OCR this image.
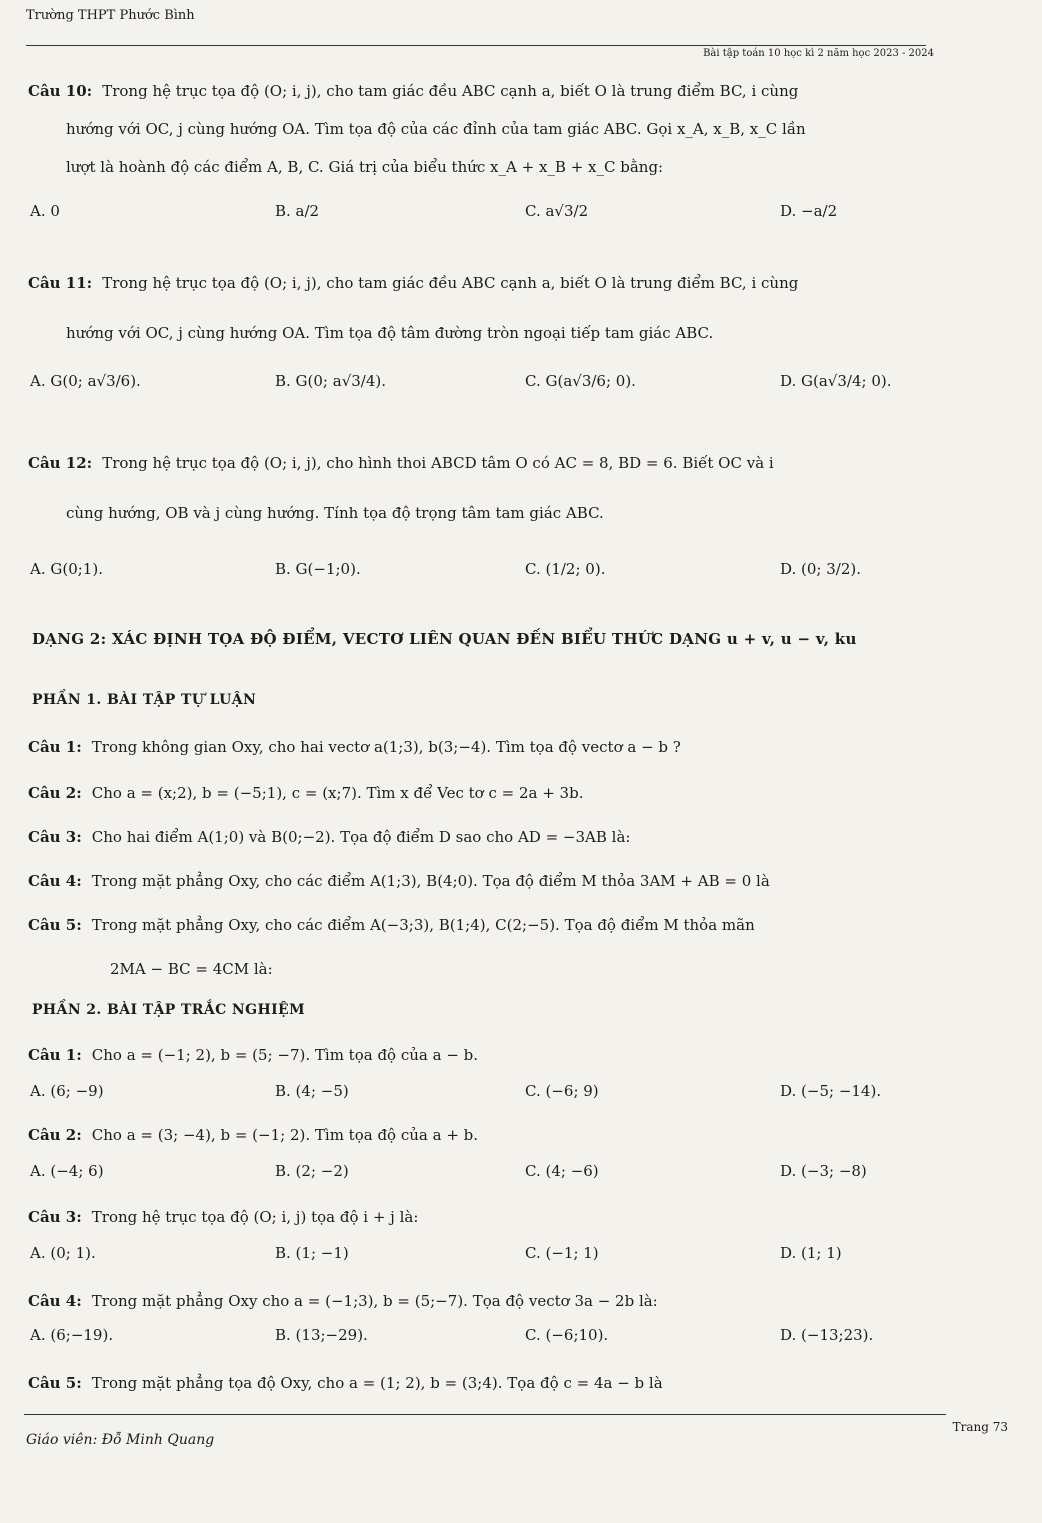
Trường THPT Phước Bình
Bài tập toán 10 học kì 2 năm học 2023 - 2024
Câu 10: Trong hệ trục tọa độ (O; i, j), cho tam giác đều ABC cạnh a, biết O là trung điểm BC, i cùng
hướng với OC, j cùng hướng OA. Tìm tọa độ của các đỉnh của tam giác ABC. Gọi x_A, x_B, x_C lần
lượt là hoành độ các điểm A, B, C. Giá trị của biểu thức x_A + x_B + x_C bằng:
A. 0	B. a/2	C. a√3/2	D. −a/2
Câu 11: Trong hệ trục tọa độ (O; i, j), cho tam giác đều ABC cạnh a, biết O là trung điểm BC, i cùng
hướng với OC, j cùng hướng OA. Tìm tọa độ tâm đường tròn ngoại tiếp tam giác ABC.
A. G(0; a√3/6).	B. G(0; a√3/4).	C. G(a√3/6; 0).	D. G(a√3/4; 0).
Câu 12: Trong hệ trục tọa độ (O; i, j), cho hình thoi ABCD tâm O có AC = 8, BD = 6. Biết OC và i
cùng hướng, OB và j cùng hướng. Tính tọa độ trọng tâm tam giác ABC.
A. G(0;1).	B. G(−1;0).	C. (1/2; 0).	D. (0; 3/2).
DẠNG 2: XÁC ĐỊNH TỌA ĐỘ ĐIỂM, VECTƠ LIÊN QUAN ĐẾN BIỂU THỨC DẠNG u + v, u − v, ku
PHẦN 1. BÀI TẬP TỰ LUẬN
Câu 1: Trong không gian Oxy, cho hai vectơ a(1;3), b(3;−4). Tìm tọa độ vectơ a − b ?
Câu 2: Cho a = (x;2), b = (−5;1), c = (x;7). Tìm x để Vec tơ c = 2a + 3b.
Câu 3: Cho hai điểm A(1;0) và B(0;−2). Tọa độ điểm D sao cho AD = −3AB là:
Câu 4: Trong mặt phẳng Oxy, cho các điểm A(1;3), B(4;0). Tọa độ điểm M thỏa 3AM + AB = 0 là
Câu 5: Trong mặt phẳng Oxy, cho các điểm A(−3;3), B(1;4), C(2;−5). Tọa độ điểm M thỏa mãn
2MA − BC = 4CM là:
PHẦN 2. BÀI TẬP TRẮC NGHIỆM
Câu 1: Cho a = (−1; 2), b = (5; −7). Tìm tọa độ của a − b.
A. (6; −9)	B. (4; −5)	C. (−6; 9)	D. (−5; −14).
Câu 2: Cho a = (3; −4), b = (−1; 2). Tìm tọa độ của a + b.
A. (−4; 6)	B. (2; −2)	C. (4; −6)	D. (−3; −8)
Câu 3: Trong hệ trục tọa độ (O; i, j) tọa độ i + j là:
A. (0; 1).	B. (1; −1)	C. (−1; 1)	D. (1; 1)
Câu 4: Trong mặt phẳng Oxy cho a = (−1;3), b = (5;−7). Tọa độ vectơ 3a − 2b là:
A. (6;−19).	B. (13;−29).	C. (−6;10).	D. (−13;23).
Câu 5: Trong mặt phẳng tọa độ Oxy, cho a = (1; 2), b = (3;4). Tọa độ c = 4a − b là
Trang 73
Giáo viên: Đỗ Minh Quang
